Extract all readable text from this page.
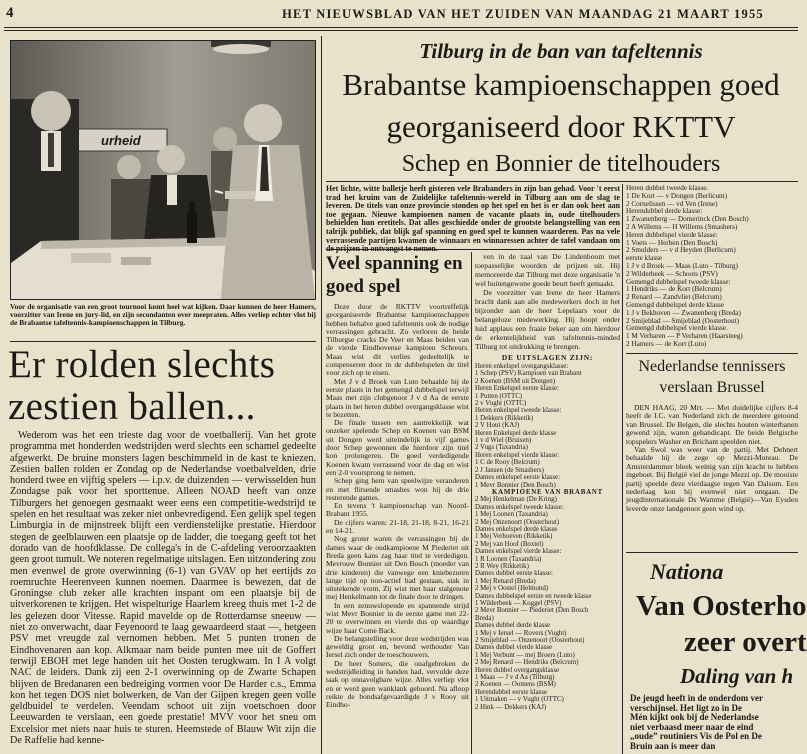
4	HET NIEUWSBLAD VAN HET ZUIDEN VAN MAANDAG 21 MAART 1955
urheid
Voor de organisatie van een groot tournooi komt heel wat kijken. Daar kunnen de heer Hamers, voorzitter van Irene en jury-lid, en zijn secondanten over meepraten. Alles verliep echter vlot bij de Brabantse tafeltennis-kampioenschappen in Tilburg.
Er rolden slechts
zestien ballen...

Wederom was het een trieste dag voor de voetballerij. Van het grote programma met honderden wedstrijden werd slechts een schamel gedeelte afgewerkt. De bruine monsters lagen beschimmeld in de kast te kniezen. Zestien ballen rolden er Zondag op de Nederlandse voetbalvelden, drie honderd twee en vijftig spelers — i.p.v. de duizenden — verwisselden hun Zondagse pak voor het sporttenue. Alleen NOAD heeft van onze Tilburgers het genoegen gesmaakt weer eens een competitie-wedstrijd te spelen en het resultaat was zeker niet onbevredigend. Een gelijk spel tegen Limburgia in de mijnstreek blijft een verdienstelijke prestatie. Hierdoor stegen de geelblauwen een plaatsje op de ladder, die toegang geeft tot het dorado van de hoofdklasse. De collega's in de C-afdeling veroorzaakten geen groot tumult. We noteren regelmatige uitslagen. Een uitzondering zou men evenwel de grote overwinning (6-1) van GVAV op het eertijds zo roemruchte Heerenveen kunnen noemen. Daarmee is bewezen, dat de Groningse club zeker alle krachten inspant om een plaatsje bij de uitverkorenen te krijgen. Het wispelturige Haarlem kreeg thuis met 1-2 de les gelezen door Vitesse. Rapid mavelde op de Rotterdamse sneeuw — niet zo onverwacht, daar Feyenoord te laag gewaardeerd staat —, hetgeen PSV met vreugde zal vernomen hebben. Met 5 punten tronen de Eindhovenaren aan kop. Alkmaar nam beide punten mee uit de Goffert terwijl EBOH met lege handen uit het Oosten terugkwam. In I A volgt NAC de leiders. Dank zij een 2-1 overwinning op de Zwarte Schapen blijven de Bredanaren een bedreiging vormen voor De Harder c.s., Emma kon het tegen DOS niet bolwerken, de Van der Gijpen kregen geen volle geldbuidel te verdelen. Veendam schoot uit zijn voetschoen door Leeuwarden te verslaan, een goede prestatie! MVV voor het sneu om Excelsior met niets naar huis te sturen. Heemstede of Blauw Wit zijn die De Raffelie had kenne-

Tilburg in de ban van tafeltennis
Brabantse kampioenschappen goed
georganiseerd door RKTTV
Schep en Bonnier de titelhouders
Het lichte, witte balletje heeft gisteren vele Brabanders in zijn ban gehad. Voor 't eerst trad het kruim van de Zuidelijke tafeltennis-wereld in Tilburg aan om de slag te leveren. De titels van onze provincie stonden op het spel en het is er dan ook heet aan toe gegaan. Nieuwe kampioenen namen de vacante plaats in, oude titelhouders behielden hun eretitels. Dat alles geschiedde onder de grootste belangstelling van een talrijk publiek, dat blijk gaf spanning en goed spel te kunnen waarderen. Pas na vele verrassende partijen kwamen de winnaars en winnaressen achter de tafel vandaan om de prijzen in ontvangst te nemen.
Veel spanning en
goed spel

Deze door de RKTTV voortreffelijk georganiseerde Brabantse kampioenschappen hebben behalve goed tafeltennis ook de nodige verrassingen gebracht. Zo verloren de beide Tilburgse cracks De Veer en Maas beiden van de vierde Eindhovense kampioen Schreurs. Maas wist dit verlies gedeeltelijk te compenseren door in de dubbelspelen de titel voor zich op te eisen.

Met J v d Broek van Luto behaalde hij de eerste plaats in het gemengd dubbelspel terwijl Maas met zijn clubgenoot J v d Aa de eerste plaats in het heren dubbel overgangsklasse wist te bezetten.

De finale tussen een aantrekkelijk wat onzeker spelende Schep en Koenen van BSM uit Dongen werd uiteindelijk in vijf games door Schep gewonnen die hierdoor zijn titel kon prolongeren. De goed verdedigende Koenen kwam verrassend voor de dag en wist een 2-0 voorsprong te nemen.

Schep ging hem van speelwijze veranderen en met flitsende smashes won hij de drie resterende games.

En tevens 't kampioenschap van Noord-Brabant 1955.

De cijfers waren: 21-18, 21-18, 8-21, 16-21 en 14-21.

Nog groter waren de verrassingen bij de dames waar de oudkampioene M Piederiet uit Breda geen kans zag haar titel te verdedigen. Mevrouw Bonnier uit Den Bosch (moeder van drie kinderen) die vanwege een kniebezuren lange tijd op non-actief had gestaan, stak in uitstekende vorm. Zij wist met haar stalgenote mej Henkelmann tot de finale door te dringen.

In een zenuwslopende en spannende strijd wist Mevr Bonnier in de eerste game met 22-20 te overwinnen en vierde dus op waardige wijze haar Come Back.

De belangstelling voor deze wedstrijden was geweldig groot en, bevond wethouder Van Iersel zich onder de toeschouwers.

De heer Somers, die onafgebroken de wedstrijdleiding in handen had, vervulde deze taak op onnavolgbare wijze. Alles verliep vlot en er werd geen wanklank gehoord. Na afloop reikte de bondsafgevaardigde J v Rooy uit Eindho-

ven in de zaal van De Lindenboom met toepasselijke woorden de prijzen uit. Hij memoreerde dat Tilburg met deze organisatie 'n wel buitengewone goede beurt heeft gemaakt.

De voorzitter van Irene de heer Hamers bracht dank aan alle medewerkers doch in het bijzonder aan de heer Lepelaars voor de belangeloze medewerking. Hij hoopt onder luid applaus een fraaie beker aan om hierdoor de erkentelijkheid van tafeltennis-minded Tilburg tot uitdrukking te brengen.

DE UITSLAGEN ZIJN:

Heren enkelspel overgangsklasse:

1 Schep (PSV) Kampioen van Brabant

2 Koenen (BSM uit Dongen)

Heren Enkelspel eerste klasse:

1 Putten (OTTC)

2 v Vught (OTTC)

Heren enkelspel tweede klasse:

1 Dekkers (Rikketik)

2 V Hout (KAJ)

Heren Enkelspel derde klasse

1 v d Wiel (Bruisen)

2 Vugs (Taxandria)

Heren enkelspel vierde klasse:

1 C de Rooy (Belcrum)

2 J Jansen (de Smashers)

Dames enkelspel eerste klasse:

1 Mevr Bonnier (Den Bosch)

KAMPIOENE VAN BRABANT

2 Mej Henkelman (De Kring)

Dames enkelspel tweede klasse:

1 Mej Loonen (Taxandria)

2 Mej Onzenoort (Oosterhout)

Dames enkelspel derde klasse

1 Mej Verhoeven (Rikketik)

2 Mej van Hoof (Boxtel)

Dames enkelspel vierde klasse:

1 R Loonen (Taxandria)

2 R Wey (Rikketik)

Dames dubbel eerste klasse:

1 Mej Renard (Breda)

2 Mej v Oostel (Helmond)

Dames dubbelspel eerste en tweede klasse

1 Wilderbeek — Koggel (PSV)

2 Mevr Bonnier — Piederiet (Den Bosch

Breda)

Dames dubbel derde klasse

1 Mej v Iersel — Rovers (Vught)

2 Smijeblad — Onzenoort (Oosterhout)

Dames dubbel vierde klasse

1 Mej Verbunt — mej Broers (Luto)

2 Mej Renard — Hendriks (Belcrum)

Heren dubbel overgangsklasse

1 Maas — J v d Aa (Tilburg)

2 Koenen — Oomens (BSM)

Herendubbel eerste klasse

1 Uitmaken — v Vught (OTTC)

2 Hink — Dekkers (KAJ)

Heren dubbel tweede klasse.

1 De Kort — v Dongen (Berlicum)

2 Cornelissen — vd Ven (Irene)

Herendubbel derde klasse:

1 Zwanenberg — Domerinck (Den Bosch)

2 A Willems — H Willems (Smashers)

Heren dubbelspel vierde klasse:

1 Voets — Herben (Den Bosch)

2 Smulders — v d Heyden (Berlicum)

eerste klasse

1 J v d Broek — Maas (Luto - Tilburg)

2 Wilderbeek — Schoots (PSV)

Gemengd dubbelspel tweede klasse:

1 Hendriks — de Kort (Belcrum)

2 Renard — Zandvliet (Belcrum)

Gemengd dubbelspel derde klasse

1 J v Bekhoven — Zwanenberg (Breda)

2 Smijeblad — Smijeblad (Oosterhout)

Gemengd dubbelspel vierde klasse.

1 M Verharen — P Verharen (Haarsteeg)

2 Hamers — de Kort (Luto)

Nederlandse tennissers
verslaan Brussel

DEN HAAG, 20 Mrt. — Met duidelijke cijfers 8-4 heeft de I.C. van Nederland zich de meerdere getoond van Brussel. De Belgen, die slechts houten winterbanen gewend zijn, waren gehandicapt. De beide Belgische topspelers Washer en Brichant speelden niet.

Van Swol was weer van de partij. Met Dehnert behaalde hij de zege op Mezzi-Moreau. De Amsterdammer bleek weinig van zijn kracht te hebben ingeboet. Bij België viel de jonge Mezzi op. De mooiste partij speelde deze vierdaagse tegen Van Dalsum. Een nederlaag kon hij evenwel niet ontgaan. De jeugdinternationale Ds Wamme (België)—Van Eysden leverde onze landgenoot geen wind op.

Nationa
Van Oosterho
zeer overt
Daling van h

De jeugd heeft in de onderdom ver

verschijnsel. Het ligt zo in De

Mén kijkt ook bij de Nederlandse

niet verbaasd meer naar de eind

„oude” routiniers Vis de Pol en De

Bruin aan is meer dan
